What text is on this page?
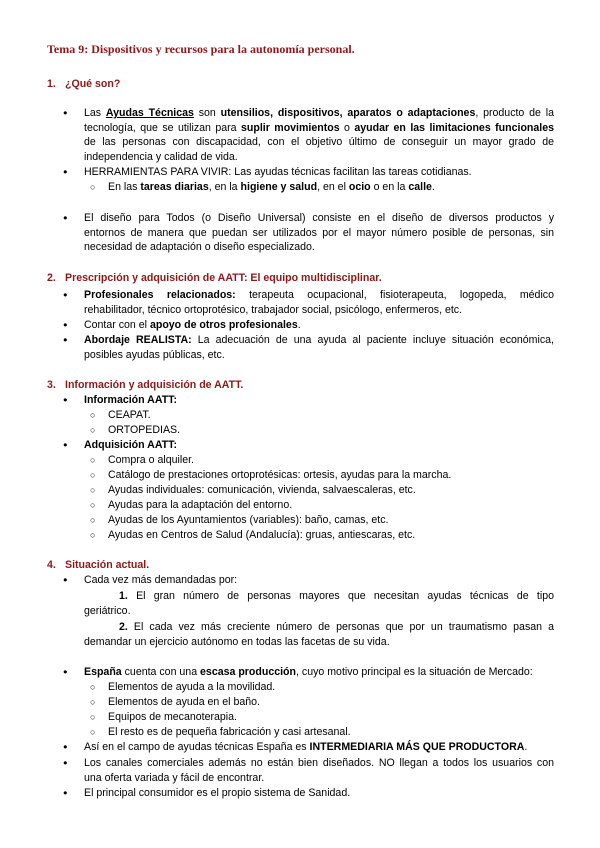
Tema 9: Dispositivos y recursos para la autonomía personal.
1. ¿Qué son?
● Las Ayudas Técnicas son utensilios, dispositivos, aparatos o adaptaciones, producto de la
tecnología, que se utilizan para suplir movimientos o ayudar en las limitaciones funcionales
de las personas con discapacidad, con el objetivo último de conseguir un mayor grado de
independencia y calidad de vida.
● HERRAMIENTAS PARA VIVIR: Las ayudas técnicas facilitan las tareas cotidianas.
○ En las tareas diarias, en la higiene y salud, en el ocio o en la calle.
● El diseño para Todos (o Diseño Universal) consiste en el diseño de diversos productos y
entornos de manera que puedan ser utilizados por el mayor número posible de personas, sin
necesidad de adaptación o diseño especializado.
2. Prescripción y adquisición de AATT: El equipo multidisciplinar.
● Profesionales relacionados: terapeuta ocupacional, fisioterapeuta, logopeda, médico
rehabilitador, técnico ortoprotésico, trabajador social, psicólogo, enfermeros, etc.
● Contar con el apoyo de otros profesionales.
● Abordaje REALISTA: La adecuación de una ayuda al paciente incluye situación económica,
posibles ayudas públicas, etc.
3. Información y adquisición de AATT.
● Información AATT:
○ CEAPAT.
○ ORTOPEDIAS.
● Adquisición AATT:
○ Compra o alquiler.
○ Catálogo de prestaciones ortoprotésicas: ortesis, ayudas para la marcha.
○ Ayudas individuales: comunicación, vivienda, salvaescaleras, etc.
○ Ayudas para la adaptación del entorno.
○ Ayudas de los Ayuntamientos (variables): baño, camas, etc.
○ Ayudas en Centros de Salud (Andalucía): gruas, antiescaras, etc.
4. Situación actual.
● Cada vez más demandadas por:
1. El gran número de personas mayores que necesitan ayudas técnicas de tipo
geriátrico.
2. El cada vez más creciente número de personas que por un traumatismo pasan a
demandar un ejercicio autónomo en todas las facetas de su vida.
● España cuenta con una escasa producción, cuyo motivo principal es la situación de Mercado:
○ Elementos de ayuda a la movilidad.
○ Elementos de ayuda en el baño.
○ Equipos de mecanoterapia.
○ El resto es de pequeña fabricación y casi artesanal.
● Así en el campo de ayudas técnicas España es INTERMEDIARIA MÁS QUE PRODUCTORA.
● Los canales comerciales además no están bien diseñados. NO llegan a todos los usuarios con
una oferta variada y fácil de encontrar.
● El principal consumidor es el propio sistema de Sanidad.
